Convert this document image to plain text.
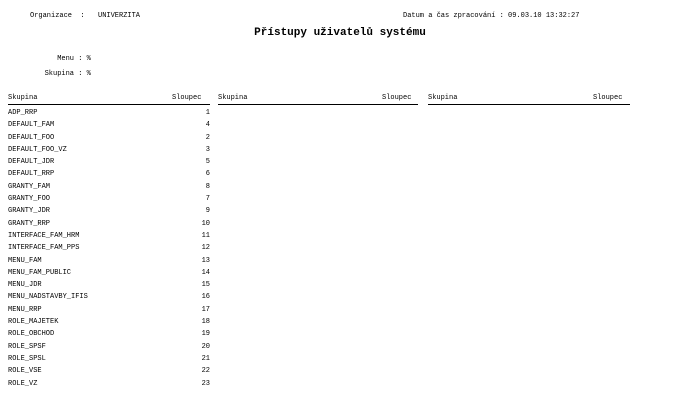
Organizace : UNIVERZITA	Datum a čas zpracování : 09.03.10 13:32:27
Přístupy uživatelů systému
Menu : %
Skupina : %
Skupina	Sloupec Skupina	Sloupec Skupina	Sloupec
ADP_RRP	1
DEFAULT_FAM	4
DEFAULT_FOO	2
DEFAULT_FOO_VZ	3
DEFAULT_JDR	5
DEFAULT_RRP	6
GRANTY_FAM	8
GRANTY_FOO	7
GRANTY_JDR	9
GRANTY_RRP	10
INTERFACE_FAM_HRM	11
INTERFACE_FAM_PPS	12
MENU_FAM	13
MENU_FAM_PUBLIC	14
MENU_JDR	15
MENU_NADSTAVBY_IFIS	16
MENU_RRP	17
ROLE_MAJETEK	18
ROLE_OBCHOD	19
ROLE_SPSF	20
ROLE_SPSL	21
ROLE_VSE	22
ROLE_VZ	23
